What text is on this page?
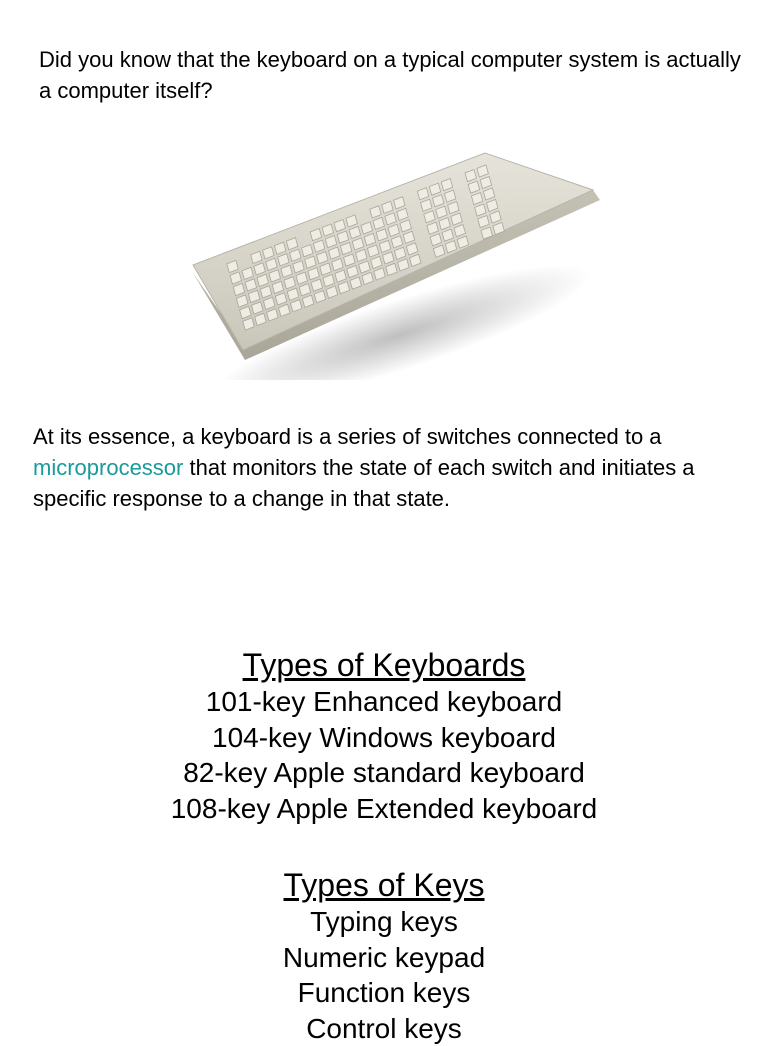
Did you know that the keyboard on a typical computer system is actually a computer itself?

At its essence, a keyboard is a series of switches connected to a microprocessor that monitors the state of each switch and initiates a specific response to a change in that state.

Types of Keyboards
101-key Enhanced keyboard
104-key Windows keyboard
82-key Apple standard keyboard
108-key Apple Extended keyboard
Types of Keys
Typing keys
Numeric keypad
Function keys
Control keys
